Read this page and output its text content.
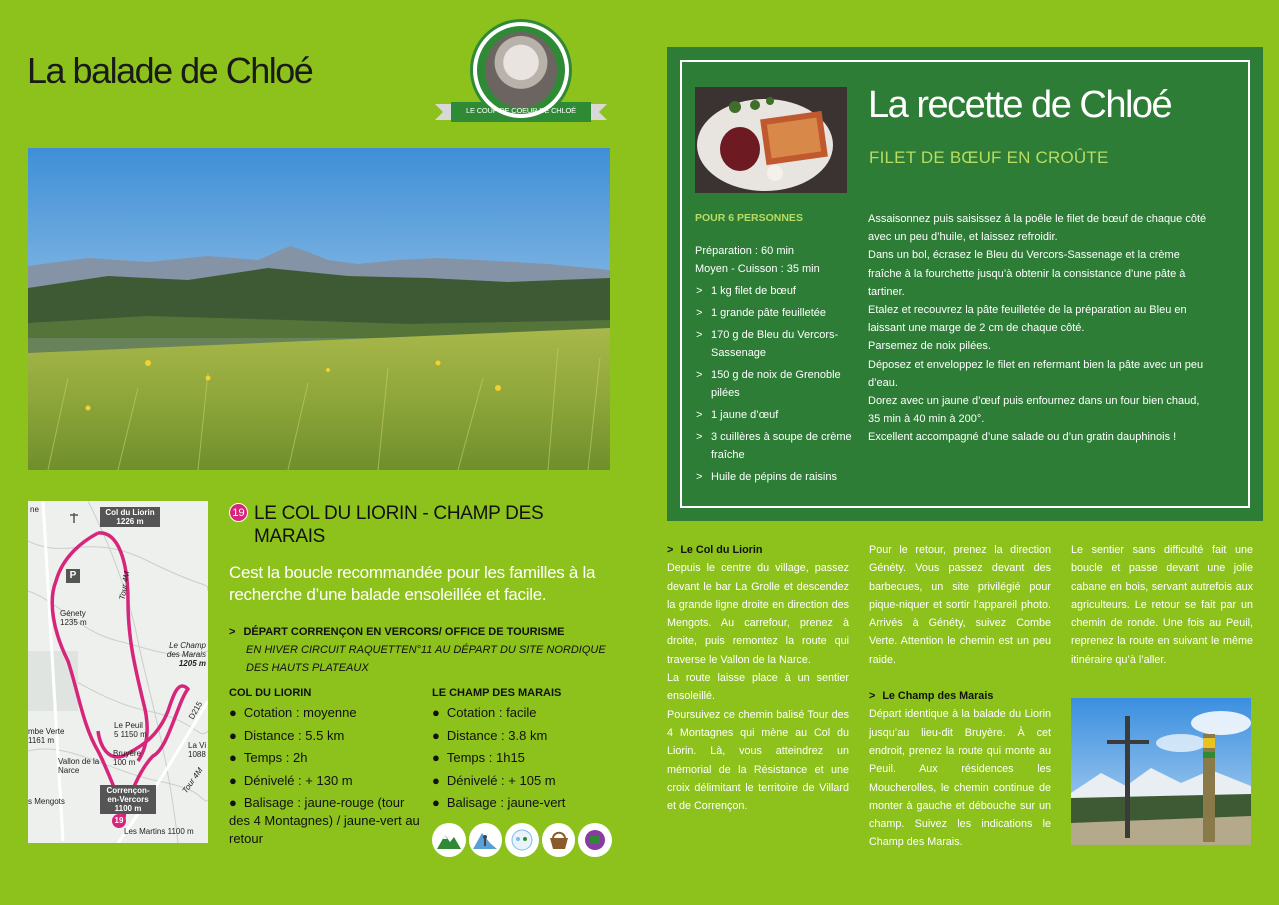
La balade de Chloé
LE COUP DE COEUR DE CHLOÉ
ne	Col du Liorin
1226 m
P
Génety
1235 m
Tour 4M
Le Champ des Marais
1205 m
Le Peuil
5 1150 m
Bruyère
100 m
Vallon de la Narce
mbe Verte
1161 m
Corrençon-en-Vercors
1100 m
s Mengots
Les Martins 1100 m
La Vi
1088
Tour 4M
D215
19
19 LE COL DU LIORIN - CHAMP DES MARAIS
Cest la boucle recommandée pour les familles à la recherche d’une balade ensoleillée et facile.
> DÉPART CORRENÇON EN VERCORS/ OFFICE DE TOURISME
EN HIVER CIRCUIT RAQUETTEN°11 AU DÉPART DU SITE NORDIQUE DES HAUTS PLATEAUX
COL DU LIORIN
● Cotation : moyenne
● Distance : 5.5 km
● Temps : 2h
● Dénivelé : + 130 m
● Balisage : jaune-rouge (tour des 4 Montagnes) / jaune-vert au retour
LE CHAMP DES MARAIS
● Cotation : facile
● Distance : 3.8 km
● Temps : 1h15
● Dénivelé : + 105 m
● Balisage : jaune-vert
La recette de Chloé
FILET DE BŒUF EN CROÛTE
POUR 6 PERSONNES
Préparation : 60 min
Moyen - Cuisson : 35 min
> 1 kg filet de bœuf
> 1 grande pâte feuilletée
> 170 g de Bleu du Vercors-Sassenage
> 150 g de noix de Grenoble pilées
> 1 jaune d’œuf
> 3 cuillères à soupe de crème fraîche
> Huile de pépins de raisins
Assaisonnez puis saisissez à la poêle le filet de bœuf de chaque côté avec un peu d’huile, et laissez refroidir.
Dans un bol, écrasez le Bleu du Vercors-Sassenage et la crème fraîche à la fourchette jusqu’à obtenir la consistance d’une pâte à tartiner.
Etalez et recouvrez la pâte feuilletée de la préparation au Bleu en laissant une marge de 2 cm de chaque côté.
Parsemez de noix pilées.
Déposez et enveloppez le filet en refermant bien la pâte avec un peu d’eau.
Dorez avec un jaune d’œuf puis enfournez dans un four bien chaud, 35 min à 40 min à 200°.
Excellent accompagné d’une salade ou d’un gratin dauphinois !
> Le Col du Liorin
Depuis le centre du village, passez devant le bar La Grolle et descendez la grande ligne droite en direction des Mengots. Au carrefour, prenez à droite, puis remontez la route qui traverse le Vallon de la Narce.
La route laisse place à un sentier ensoleillé.
Poursuivez ce chemin balisé Tour des 4 Montagnes qui mène au Col du Liorin. Là, vous atteindrez un mémorial de la Résistance et une croix délimitant le territoire de Villard et de Corrençon.
Pour le retour, prenez la direction Généty. Vous passez devant des barbecues, un site privilégié pour pique-niquer et sortir l’appareil photo. Arrivés à Généty, suivez Combe Verte. Attention le chemin est un peu raide.
> Le Champ des Marais
Départ identique à la balade du Liorin jusqu’au lieu-dit Bruyère. À cet endroit, prenez la route qui monte au Peuil. Aux résidences les Moucherolles, le chemin continue de monter à gauche et débouche sur un champ. Suivez les indications le Champ des Marais.
Le sentier sans difficulté fait une boucle et passe devant une jolie cabane en bois, servant autrefois aux agriculteurs. Le retour se fait par un chemin de ronde. Une fois au Peuil, reprenez la route en suivant le même itinéraire qu’à l’aller.
